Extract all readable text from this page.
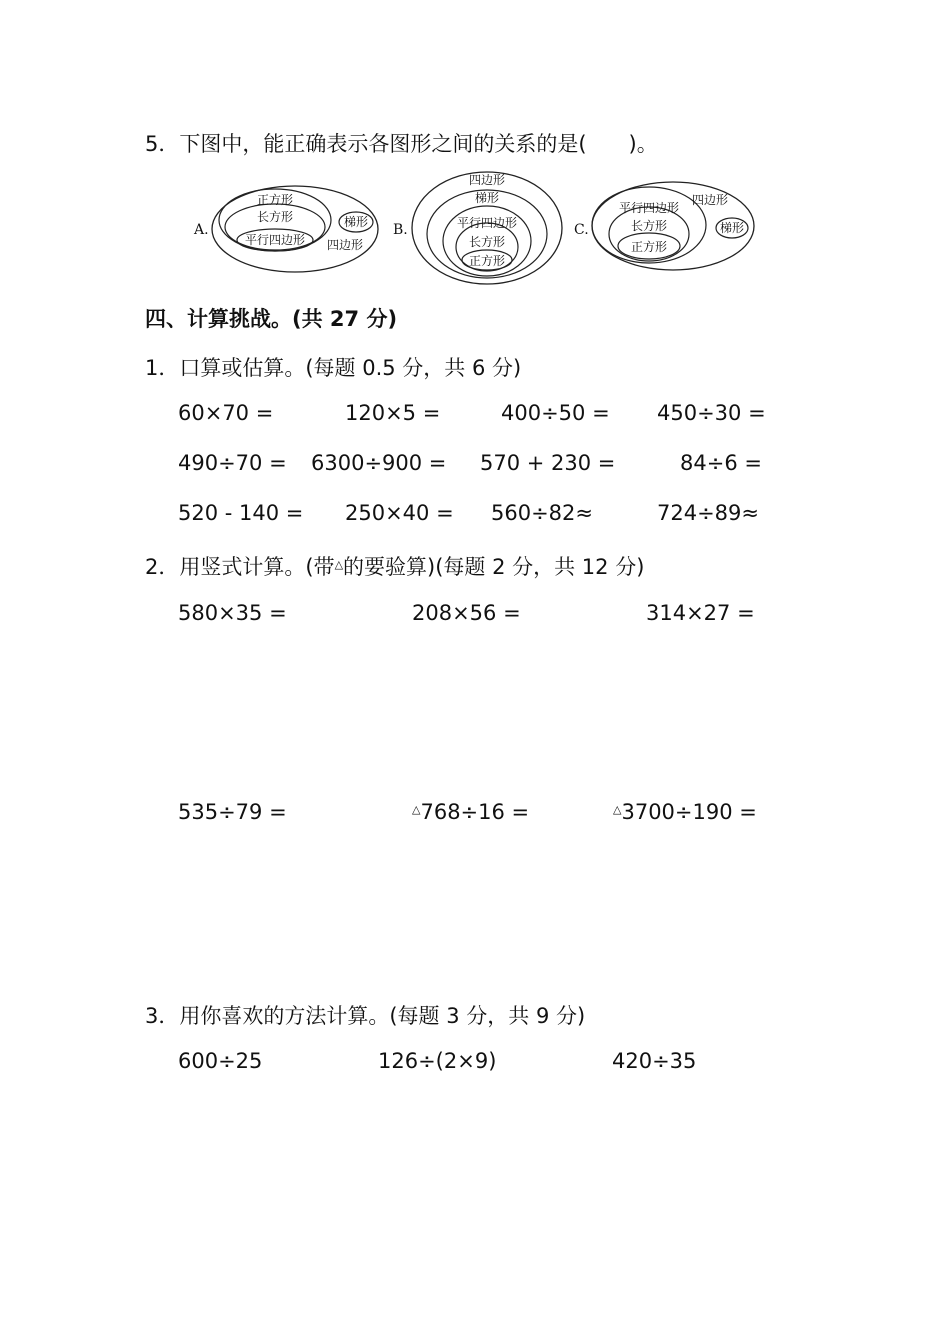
5．下图中，能正确表示各图形之间的关系的是(　　)。
A.
正方形
长方形
平行四边形
梯形
四边形
B.
四边形
梯形
平行四边形
长方形
正方形
C.
平行四边形
长方形
正方形
四边形
梯形
四、计算挑战。(共 27 分)
1．口算或估算。(每题 0.5 分，共 6 分)
60×70 =	120×5 =	400÷50 = 450÷30 =
490÷70 = 6300÷900 = 570 + 230 =	84÷6 =
520 - 140 = 250×40 = 560÷82≈	724÷89≈
2．用竖式计算。(带△的要验算)(每题 2 分，共 12 分)
580×35 =	208×56 =	314×27 =
535÷79 =	△768÷16 =	△3700÷190 =
3．用你喜欢的方法计算。(每题 3 分，共 9 分)
600÷25	126÷(2×9)	420÷35
